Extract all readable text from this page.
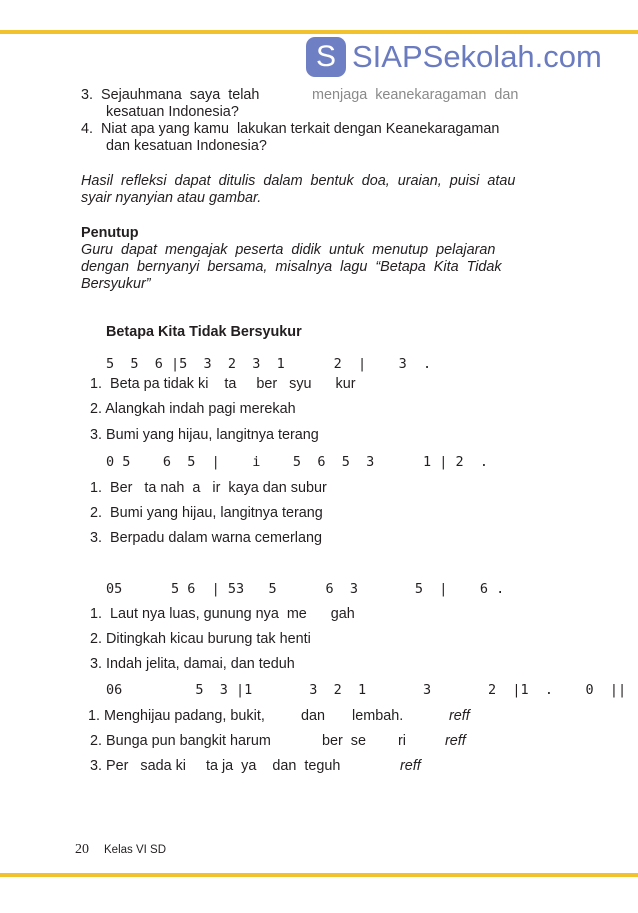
S SIAPSekolah.com
3.  Sejauhmana  saya  telah	menjaga  keanekaragaman  dan
kesatuan Indonesia?
4.  Niat apa yang kamu  lakukan terkait dengan Keanekaragaman
dan kesatuan Indonesia?
Hasil  refleksi  dapat  ditulis  dalam  bentuk  doa,  uraian,  puisi  atau
syair nyanyian atau gambar.
Penutup
Guru  dapat  mengajak  peserta  didik  untuk  menutup  pelajaran
dengan  bernyanyi  bersama,  misalnya  lagu  “Betapa  Kita  Tidak
Bersyukur”
Betapa Kita Tidak Bersyukur
5  5  6 |5  3  2  3  1      2  |    3  .
1.  Beta pa tidak ki    ta     ber   syu      kur
2. Alangkah indah pagi merekah
3. Bumi yang hijau, langitnya terang
0 5    6  5  |    i    5  6  5  3      1 | 2  .
1.  Ber   ta nah  a   ir  kaya dan subur
2.  Bumi yang hijau, langitnya terang
3.  Berpadu dalam warna cemerlang
05      5 6  | 53   5      6  3       5  |    6 .
1.  Laut nya luas, gunung nya  me      gah
2. Ditingkah kicau burung tak henti
3. Indah jelita, damai, dan teduh
06         5  3 |1       3  2  1       3       2  |1  .    0  ||
1. Menghijau padang, bukit,	dan lembah.	reff
2. Bunga pun bangkit harum	ber  se ri	reff
3. Per   sada ki     ta ja  ya    dan  teguh	reff
20 Kelas VI SD
